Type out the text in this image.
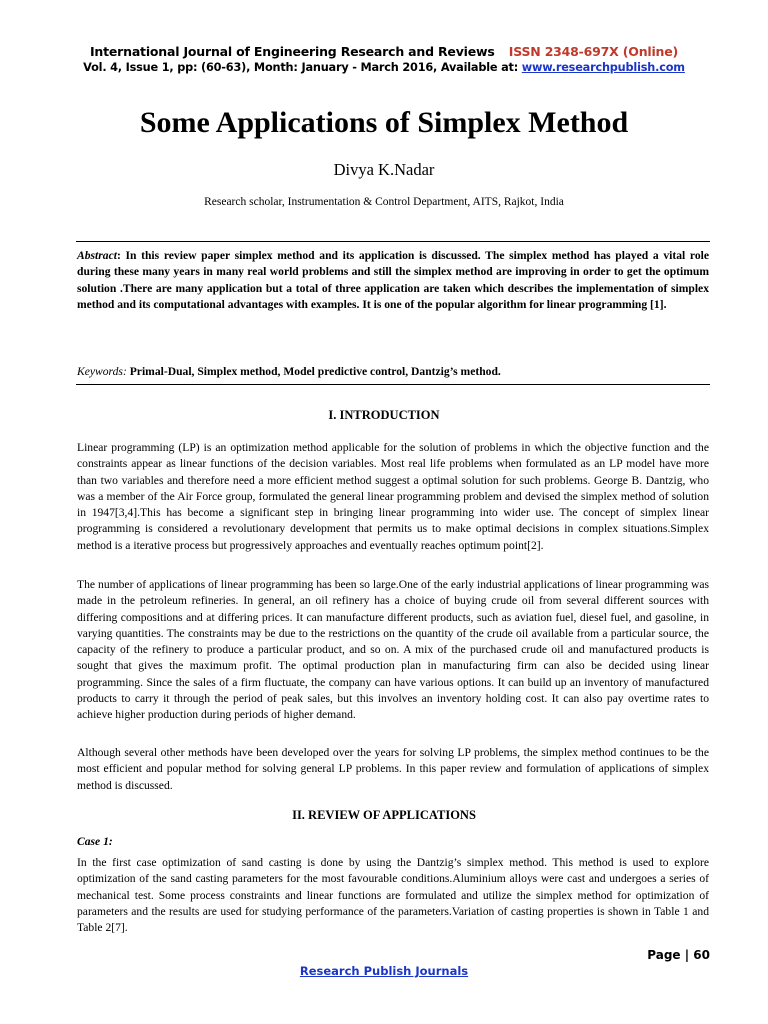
International Journal of Engineering Research and Reviews ISSN 2348-697X (Online)
Vol. 4, Issue 1, pp: (60-63), Month: January - March 2016, Available at: www.researchpublish.com
Some Applications of Simplex Method
Divya K.Nadar
Research scholar, Instrumentation & Control Department, AITS, Rajkot, India

Abstract: In this review paper simplex method and its application is discussed. The simplex method has played a vital role during these many years in many real world problems and still the simplex method are improving in order to get the optimum solution .There are many application but a total of three application are taken which describes the implementation of simplex method and its computational advantages with examples. It is one of the popular algorithm for linear programming [1].

Keywords: Primal-Dual, Simplex method, Model predictive control, Dantzig’s method.
I. INTRODUCTION
Linear programming (LP) is an optimization method applicable for the solution of problems in which the objective function and the constraints appear as linear functions of the decision variables. Most real life problems when formulated as an LP model have more than two variables and therefore need a more efficient method suggest a optimal solution for such problems. George B. Dantzig, who was a member of the Air Force group, formulated the general linear programming problem and devised the simplex method of solution in 1947[3,4].This has become a significant step in bringing linear programming into wider use. The concept of simplex linear programming is considered a revolutionary development that permits us to make optimal decisions in complex situations.Simplex method is a iterative process but progressively approaches and eventually reaches optimum point[2].
The number of applications of linear programming has been so large.One of the early industrial applications of linear programming was made in the petroleum refineries. In general, an oil refinery has a choice of buying crude oil from several different sources with differing compositions and at differing prices. It can manufacture different products, such as aviation fuel, diesel fuel, and gasoline, in varying quantities. The constraints may be due to the restrictions on the quantity of the crude oil available from a particular source, the capacity of the refinery to produce a particular product, and so on. A mix of the purchased crude oil and manufactured products is sought that gives the maximum profit. The optimal production plan in manufacturing firm can also be decided using linear programming. Since the sales of a firm fluctuate, the company can have various options. It can build up an inventory of manufactured products to carry it through the period of peak sales, but this involves an inventory holding cost. It can also pay overtime rates to achieve higher production during periods of higher demand.
Although several other methods have been developed over the years for solving LP problems, the simplex method continues to be the most efficient and popular method for solving general LP problems. In this paper review and formulation of applications of simplex method is discussed.
II. REVIEW OF APPLICATIONS
Case 1:
In the first case optimization of sand casting is done by using the Dantzig’s simplex method. This method is used to explore optimization of the sand casting parameters for the most favourable conditions.Aluminium alloys were cast and undergoes a series of mechanical test. Some process constraints and linear functions are formulated and utilize the simplex method for optimization of parameters and the results are used for studying performance of the parameters.Variation of casting properties is shown in Table 1 and Table 2[7].
Page | 60
Research Publish Journals
